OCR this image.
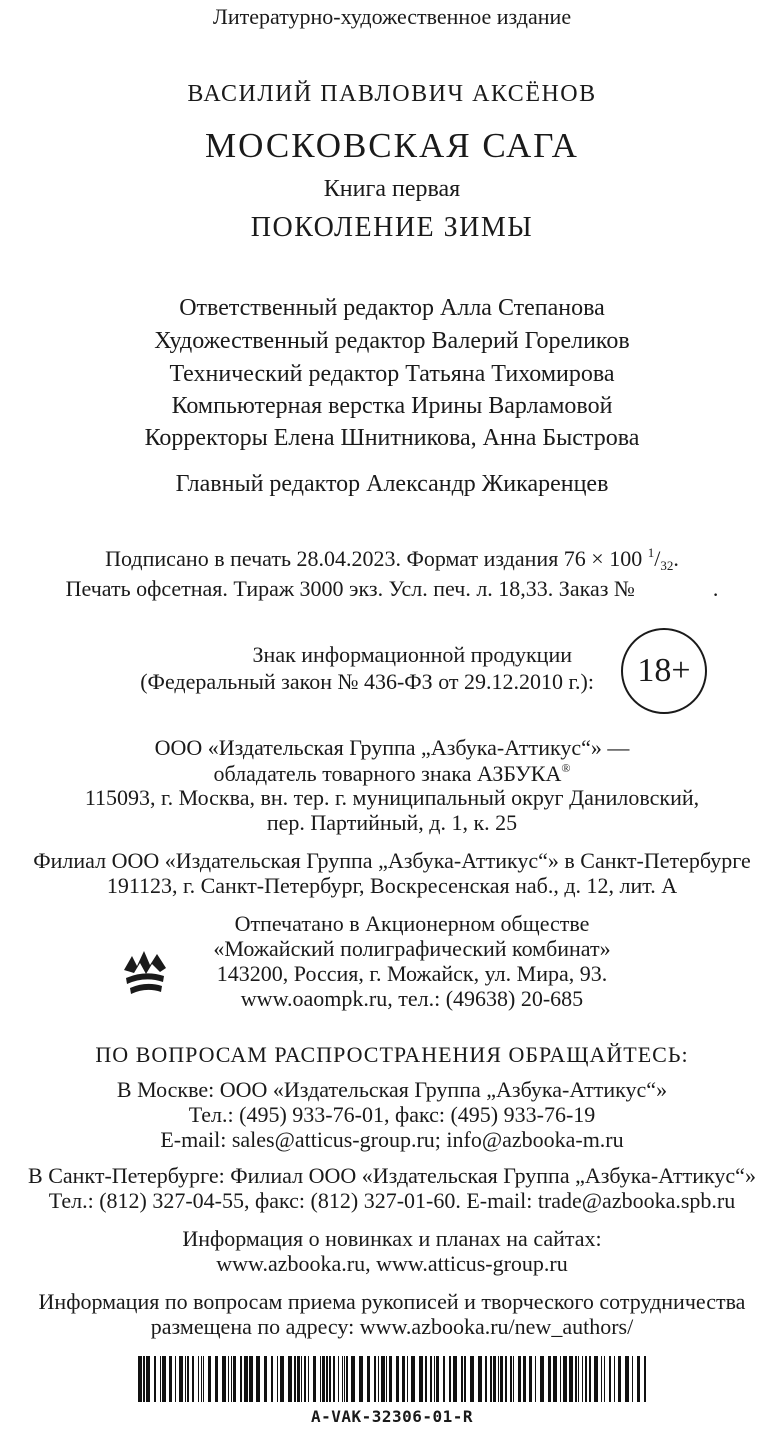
Литературно-художественное издание
ВАСИЛИЙ ПАВЛОВИЧ АКСЁНОВ
МОСКОВСКАЯ САГА
Книга первая
ПОКОЛЕНИЕ ЗИМЫ
Ответственный редактор Алла Степанова
Художественный редактор Валерий Гореликов
Технический редактор Татьяна Тихомирова
Компьютерная верстка Ирины Варламовой
Корректоры Елена Шнитникова, Анна Быстрова
Главный редактор Александр Жикаренцев
Подписано в печать 28.04.2023. Формат издания 76 × 100 $^1/_{32}$.
Печать офсетная. Тираж 3000 экз. Усл. печ. л. 18,33. Заказ №	.
Знак информационной продукции
(Федеральный закон № 436-ФЗ от 29.12.2010 г.):	18+
ООО «Издательская Группа „Азбука-Аттикус“» —
обладатель товарного знака АЗБУКА®
115093, г. Москва, вн. тер. г. муниципальный округ Даниловский,
пер. Партийный, д. 1, к. 25
Филиал ООО «Издательская Группа „Азбука-Аттикус“» в Санкт-Петербурге
191123, г. Санкт-Петербург, Воскресенская наб., д. 12, лит. А
Отпечатано в Акционерном обществе
«Можайский полиграфический комбинат»
143200, Россия, г. Можайск, ул. Мира, 93.
www.oaompk.ru, тел.: (49638) 20-685
ПО ВОПРОСАМ РАСПРОСТРАНЕНИЯ ОБРАЩАЙТЕСЬ:
В Москве: ООО «Издательская Группа „Азбука-Аттикус“»
Тел.: (495) 933-76-01, факс: (495) 933-76-19
E-mail: sales@atticus-group.ru; info@azbooka-m.ru
В Санкт-Петербурге: Филиал ООО «Издательская Группа „Азбука-Аттикус“»
Тел.: (812) 327-04-55, факс: (812) 327-01-60. E-mail: trade@azbooka.spb.ru
Информация о новинках и планах на сайтах:
www.azbooka.ru, www.atticus-group.ru
Информация по вопросам приема рукописей и творческого сотрудничества
размещена по адресу: www.azbooka.ru/new_authors/
A-VAK-32306-01-R
